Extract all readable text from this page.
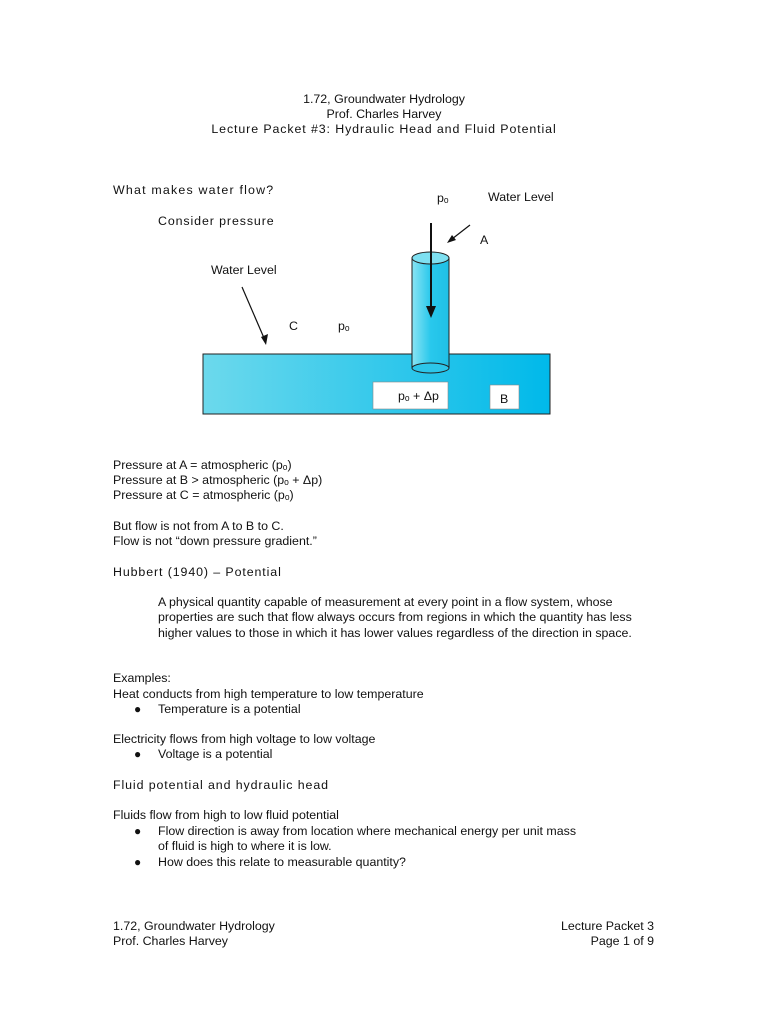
1.72, Groundwater Hydrology
Prof. Charles Harvey
Lecture Packet #3: Hydraulic Head and Fluid Potential
What makes water flow?
Consider pressure
pₒ	Water Level
A
Water Level
C	pₒ
pₒ + Δp	B
Pressure at A = atmospheric (pₒ)
Pressure at B > atmospheric (pₒ + Δp)
Pressure at C = atmospheric (pₒ)
But flow is not from A to B to C.
Flow is not “down pressure gradient.”
Hubbert (1940) – Potential
A physical quantity capable of measurement at every point in a flow system, whose properties are such that flow always occurs from regions in which the quantity has less higher values to those in which it has lower values regardless of the direction in space.
Examples:
Heat conducts from high temperature to low temperature
● Temperature is a potential
Electricity flows from high voltage to low voltage
● Voltage is a potential
Fluid potential and hydraulic head
Fluids flow from high to low fluid potential
● Flow direction is away from location where mechanical energy per unit mass
of fluid is high to where it is low.
● How does this relate to measurable quantity?
1.72, Groundwater Hydrology
Prof. Charles Harvey
Lecture Packet 3
Page 1 of 9
